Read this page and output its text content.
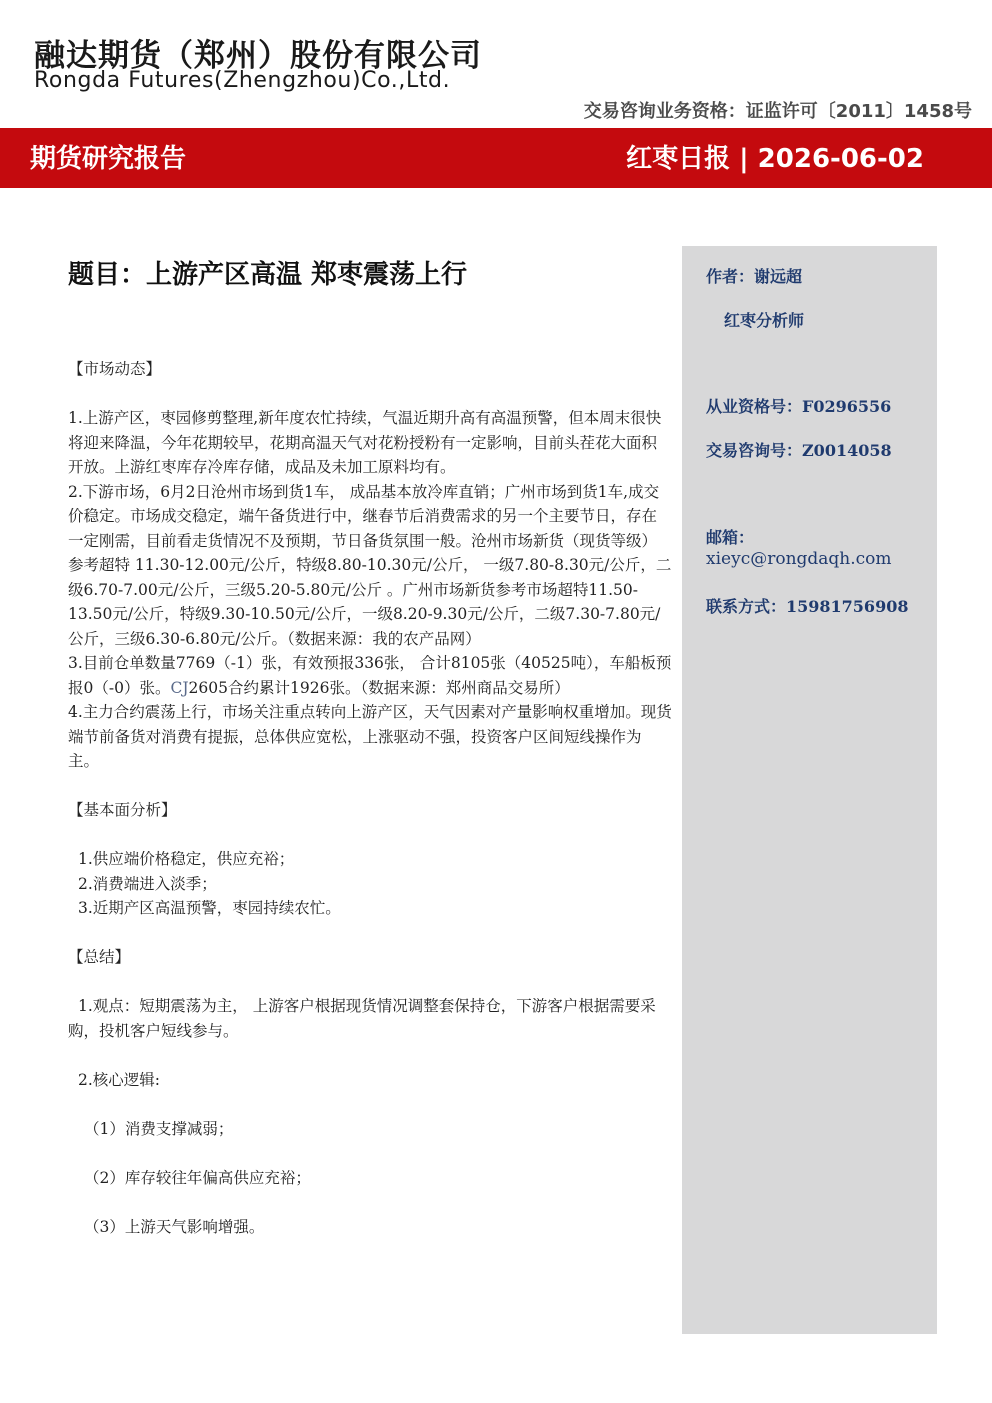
融达期货（郑州）股份有限公司
Rongda Futures(Zhengzhou)Co.,Ltd.
交易咨询业务资格：证监许可〔2011〕1458号
期货研究报告	红枣日报 | 2026-06-02
题目：上游产区高温 郑枣震荡上行	作者：谢远超
红枣分析师
从业资格号：F0296556
交易咨询号：Z0014058
邮箱：
xieyc@rongdaqh.com
联系方式：15981756908

【市场动态】

1.上游产区，枣园修剪整理,新年度农忙持续，气温近期升高有高温预警，但本周末很快将迎来降温，今年花期较早，花期高温天气对花粉授粉有一定影响，目前头茬花大面积开放。上游红枣库存冷库存储，成品及未加工原料均有。

2.下游市场，6月2日沧州市场到货1车， 成品基本放冷库直销；广州市场到货1车,成交价稳定。市场成交稳定，端午备货进行中，继春节后消费需求的另一个主要节日，存在一定刚需，目前看走货情况不及预期，节日备货氛围一般。沧州市场新货（现货等级）参考超特 11.30-12.00元/公斤，特级8.80-10.30元/公斤， 一级7.80-8.30元/公斤，二级6.70-7.00元/公斤，三级5.20-5.80元/公斤 。广州市场新货参考市场超特11.50-13.50元/公斤，特级9.30-10.50元/公斤，一级8.20-9.30元/公斤，二级7.30-7.80元/公斤，三级6.30-6.80元/公斤。（数据来源：我的农产品网）

3.目前仓单数量7769（-1）张，有效预报336张， 合计8105张（40525吨），车船板预报0（-0）张。CJ2605合约累计1926张。（数据来源：郑州商品交易所）

4.主力合约震荡上行，市场关注重点转向上游产区，天气因素对产量影响权重增加。现货端节前备货对消费有提振，总体供应宽松，上涨驱动不强，投资客户区间短线操作为主。

【基本面分析】

1.供应端价格稳定，供应充裕；

2.消费端进入淡季；

3.近期产区高温预警，枣园持续农忙。

【总结】

1.观点：短期震荡为主， 上游客户根据现货情况调整套保持仓，下游客户根据需要采购，投机客户短线参与。

2.核心逻辑:

（1）消费支撑减弱；

（2）库存较往年偏高供应充裕；

（3）上游天气影响增强。
